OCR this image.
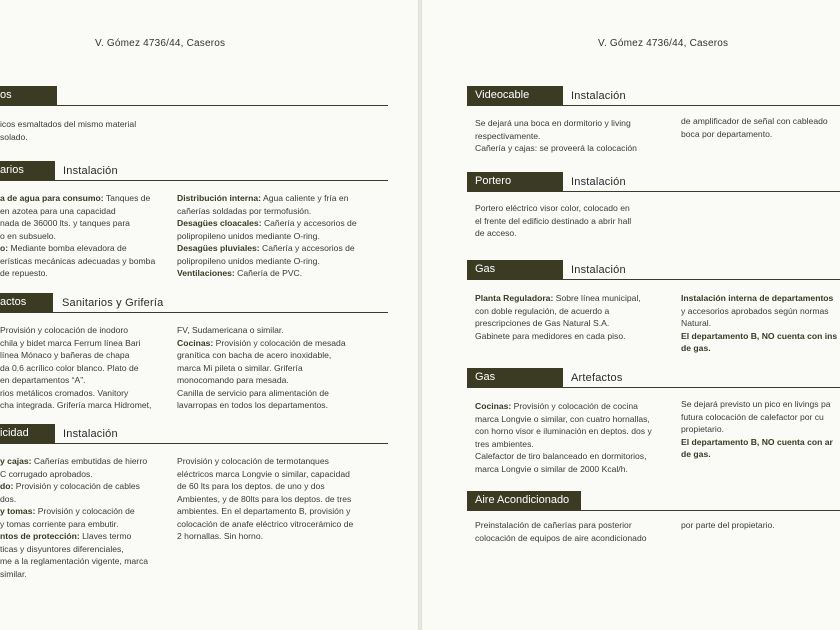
V. Gómez 4736/44, Caseros
os

icos esmaltados del mismo material

solado.

arios	Instalación

a de agua para consumo: Tanques de

en azotea para una capacidad

nada de 36000 lts. y tanques para

o en subsuelo.

o: Mediante bomba elevadora de

erísticas mecánicas adecuadas y bomba

de repuesto.

Distribución interna: Agua caliente y fría en

cañerías soldadas por termofusión.

Desagües cloacales: Cañería y accesorios de

polipropileno unidos mediante O-ring.

Desagües pluviales: Cañería y accesorios de

polipropileno unidos mediante O-ring.

Ventilaciones: Cañería de PVC.

actos	Sanitarios y Grifería

Provisión y colocación de inodoro

chila y bidet marca Ferrum línea Bari

línea Mónaco y bañeras de chapa

da 0.6 acrílico color blanco. Plato de

en departamentos “A”.

rios metálicos cromados. Vanitory

cha integrada. Grifería marca Hidromet,

FV, Sudamericana o similar.

Cocinas: Provisión y colocación de mesada

granítica con bacha de acero inoxidable,

marca Mi pileta o similar. Grifería

monocomando para mesada.

Canilla de servicio para alimentación de

lavarropas en todos los departamentos.

icidad	Instalación

y cajas: Cañerías embutidas de hierro

C corrugado aprobados.

do: Provisión y colocación de cables

dos.

y tomas: Provisión y colocación de

y tomas corriente para embutir.

ntos de protección: Llaves termo

ticas y disyuntores diferenciales,

me a la reglamentación vigente, marca

similar.

Provisión y colocación de termotanques

eléctricos marca Longvie o similar, capacidad

de 60 lts para los deptos. de uno y dos

Ambientes, y de 80lts para los deptos. de tres

ambientes. En el departamento B, provisión y

colocación de anafe eléctrico vitrocerámico de

2 hornallas. Sin horno.

V. Gómez 4736/44, Caseros
Videocable	Instalación

Se dejará una boca en dormitorio y living

respectivamente.

Cañería y cajas: se proveerá la colocación

de amplificador de señal con cableado

boca por departamento.

Portero	Instalación

Portero eléctrico visor color, colocado en

el frente del edificio destinado a abrir hall

de acceso.

Gas	Instalación

Planta Reguladora: Sobre línea municipal,

con doble regulación, de acuerdo a

prescripciones de Gas Natural S.A.

Gabinete para medidores en cada piso.

Instalación interna de departamentos

y accesorios aprobados según normas

Natural.

El departamento B, NO cuenta con ins

de gas.

Gas	Artefactos

Cocinas: Provisión y colocación de cocina

marca Longvie o similar, con cuatro hornallas,

con horno visor e iluminación en deptos. dos y

tres ambientes.

Calefactor de tiro balanceado en dormitorios,

marca Longvie o similar de 2000 Kcal/h.

Se dejará previsto un pico en livings pa

futura colocación de calefactor por cu

propietario.

El departamento B, NO cuenta con ar

de gas.

Aire Acondicionado

Preinstalación de cañerías para posterior

colocación de equipos de aire acondicionado

por parte del propietario.
